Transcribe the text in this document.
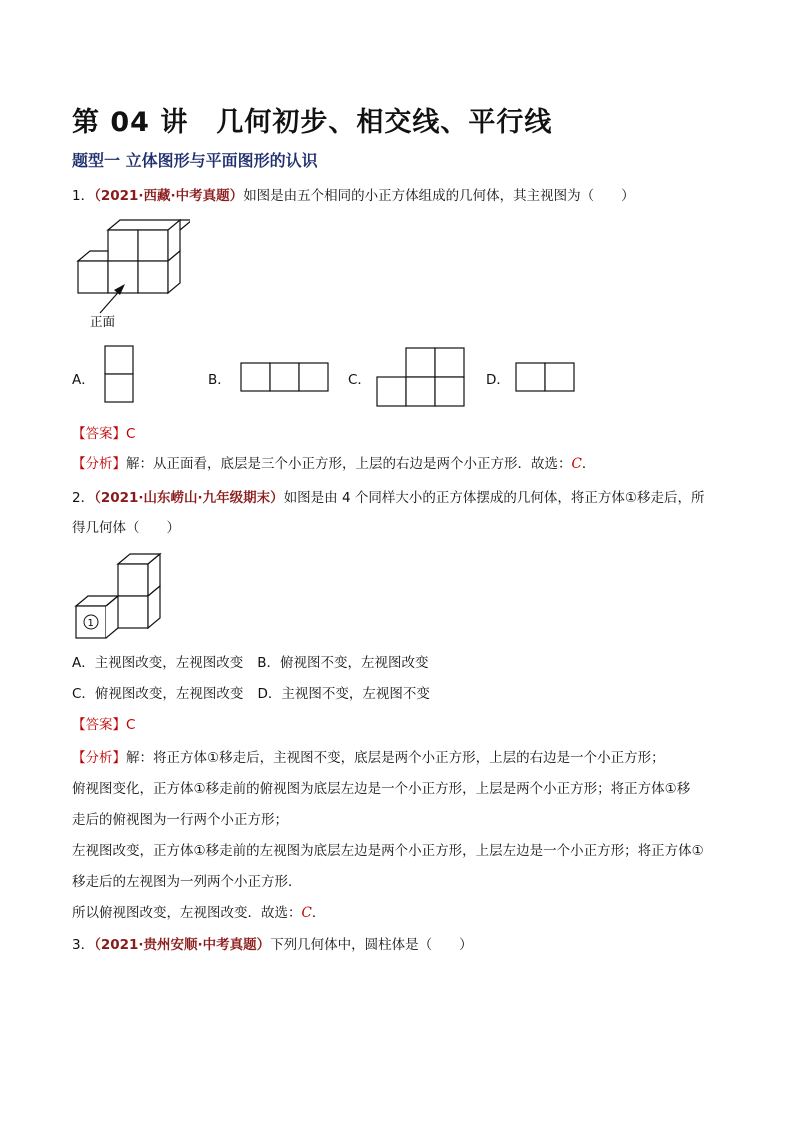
第 04 讲　几何初步、相交线、平行线
题型一 立体图形与平面图形的认识
1．（2021·西藏·中考真题）如图是由五个相同的小正方体组成的几何体，其主视图为（　　）
正面
A．	B．	C．	D．
【答案】C
【分析】解：从正面看，底层是三个小正方形，上层的右边是两个小正方形．故选：C．
2．（2021·山东崂山·九年级期末）如图是由 4 个同样大小的正方体摆成的几何体，将正方体①移走后，所
得几何体（　　）
1
A．主视图改变，左视图改变 B．俯视图不变，左视图改变
C．俯视图改变，左视图改变 D．主视图不变，左视图不变
【答案】C
【分析】解：将正方体①移走后，主视图不变，底层是两个小正方形，上层的右边是一个小正方形；
俯视图变化，正方体①移走前的俯视图为底层左边是一个小正方形，上层是两个小正方形；将正方体①移
走后的俯视图为一行两个小正方形；
左视图改变，正方体①移走前的左视图为底层左边是两个小正方形，上层左边是一个小正方形；将正方体①
移走后的左视图为一列两个小正方形．
所以俯视图改变，左视图改变．故选：C．
3．（2021·贵州安顺·中考真题）下列几何体中，圆柱体是（　　）
